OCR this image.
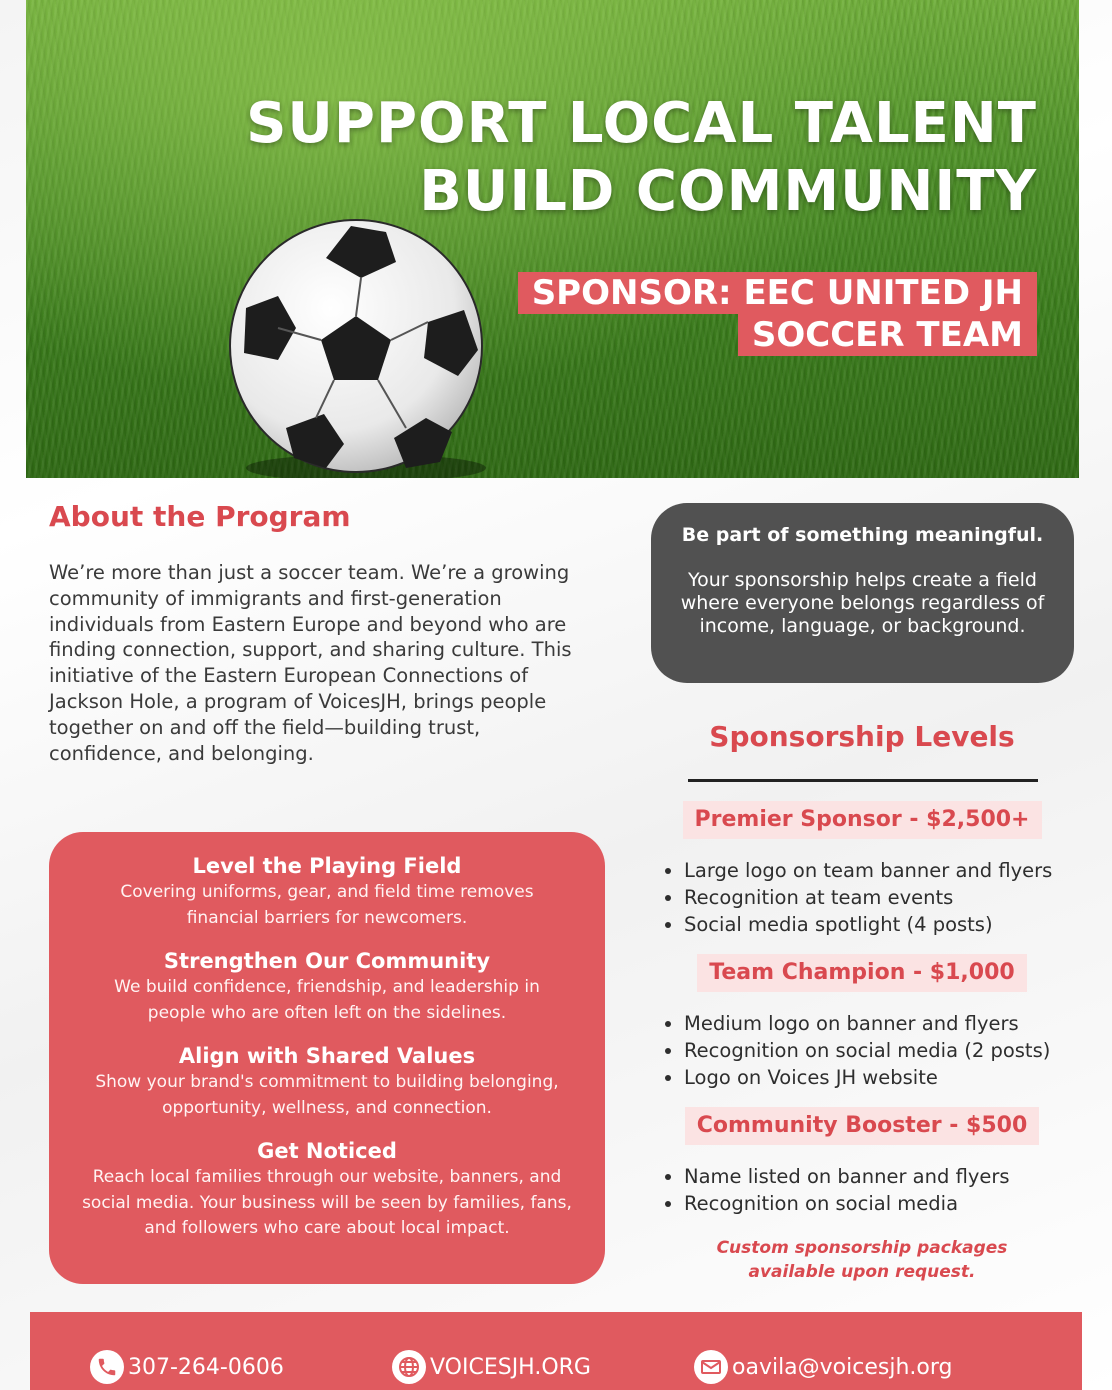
SUPPORT LOCAL TALENT
BUILD COMMUNITY
SPONSOR: EEC UNITED JH
SOCCER TEAM
About the Program

We’re more than just a soccer team. We’re a growing community of immigrants and first-generation individuals from Eastern Europe and beyond who are finding connection, support, and sharing culture. This initiative of the Eastern European Connections of Jackson Hole, a program of VoicesJH, brings people together on and off the field—building trust, confidence, and belonging.

Be part of something meaningful.
Your sponsorship helps create a field where everyone belongs regardless of income, language, or background.
Level the Playing Field
Covering uniforms, gear, and field time removes financial barriers for newcomers.
Strengthen Our Community
We build confidence, friendship, and leadership in people who are often left on the sidelines.
Align with Shared Values
Show your brand's commitment to building belonging, opportunity, wellness, and connection.
Get Noticed
Reach local families through our website, banners, and social media. Your business will be seen by families, fans, and followers who care about local impact.
Sponsorship Levels
Premier Sponsor - $2,500+
Large logo on team banner and flyers
Recognition at team events
Social media spotlight (4 posts)
Team Champion - $1,000
Medium logo on banner and flyers
Recognition on social media (2 posts)
Logo on Voices JH website
Community Booster - $500
Name listed on banner and flyers
Recognition on social media
Custom sponsorship packages
available upon request.
307-264-0606	VOICESJH.ORG	oavila@voicesjh.org
